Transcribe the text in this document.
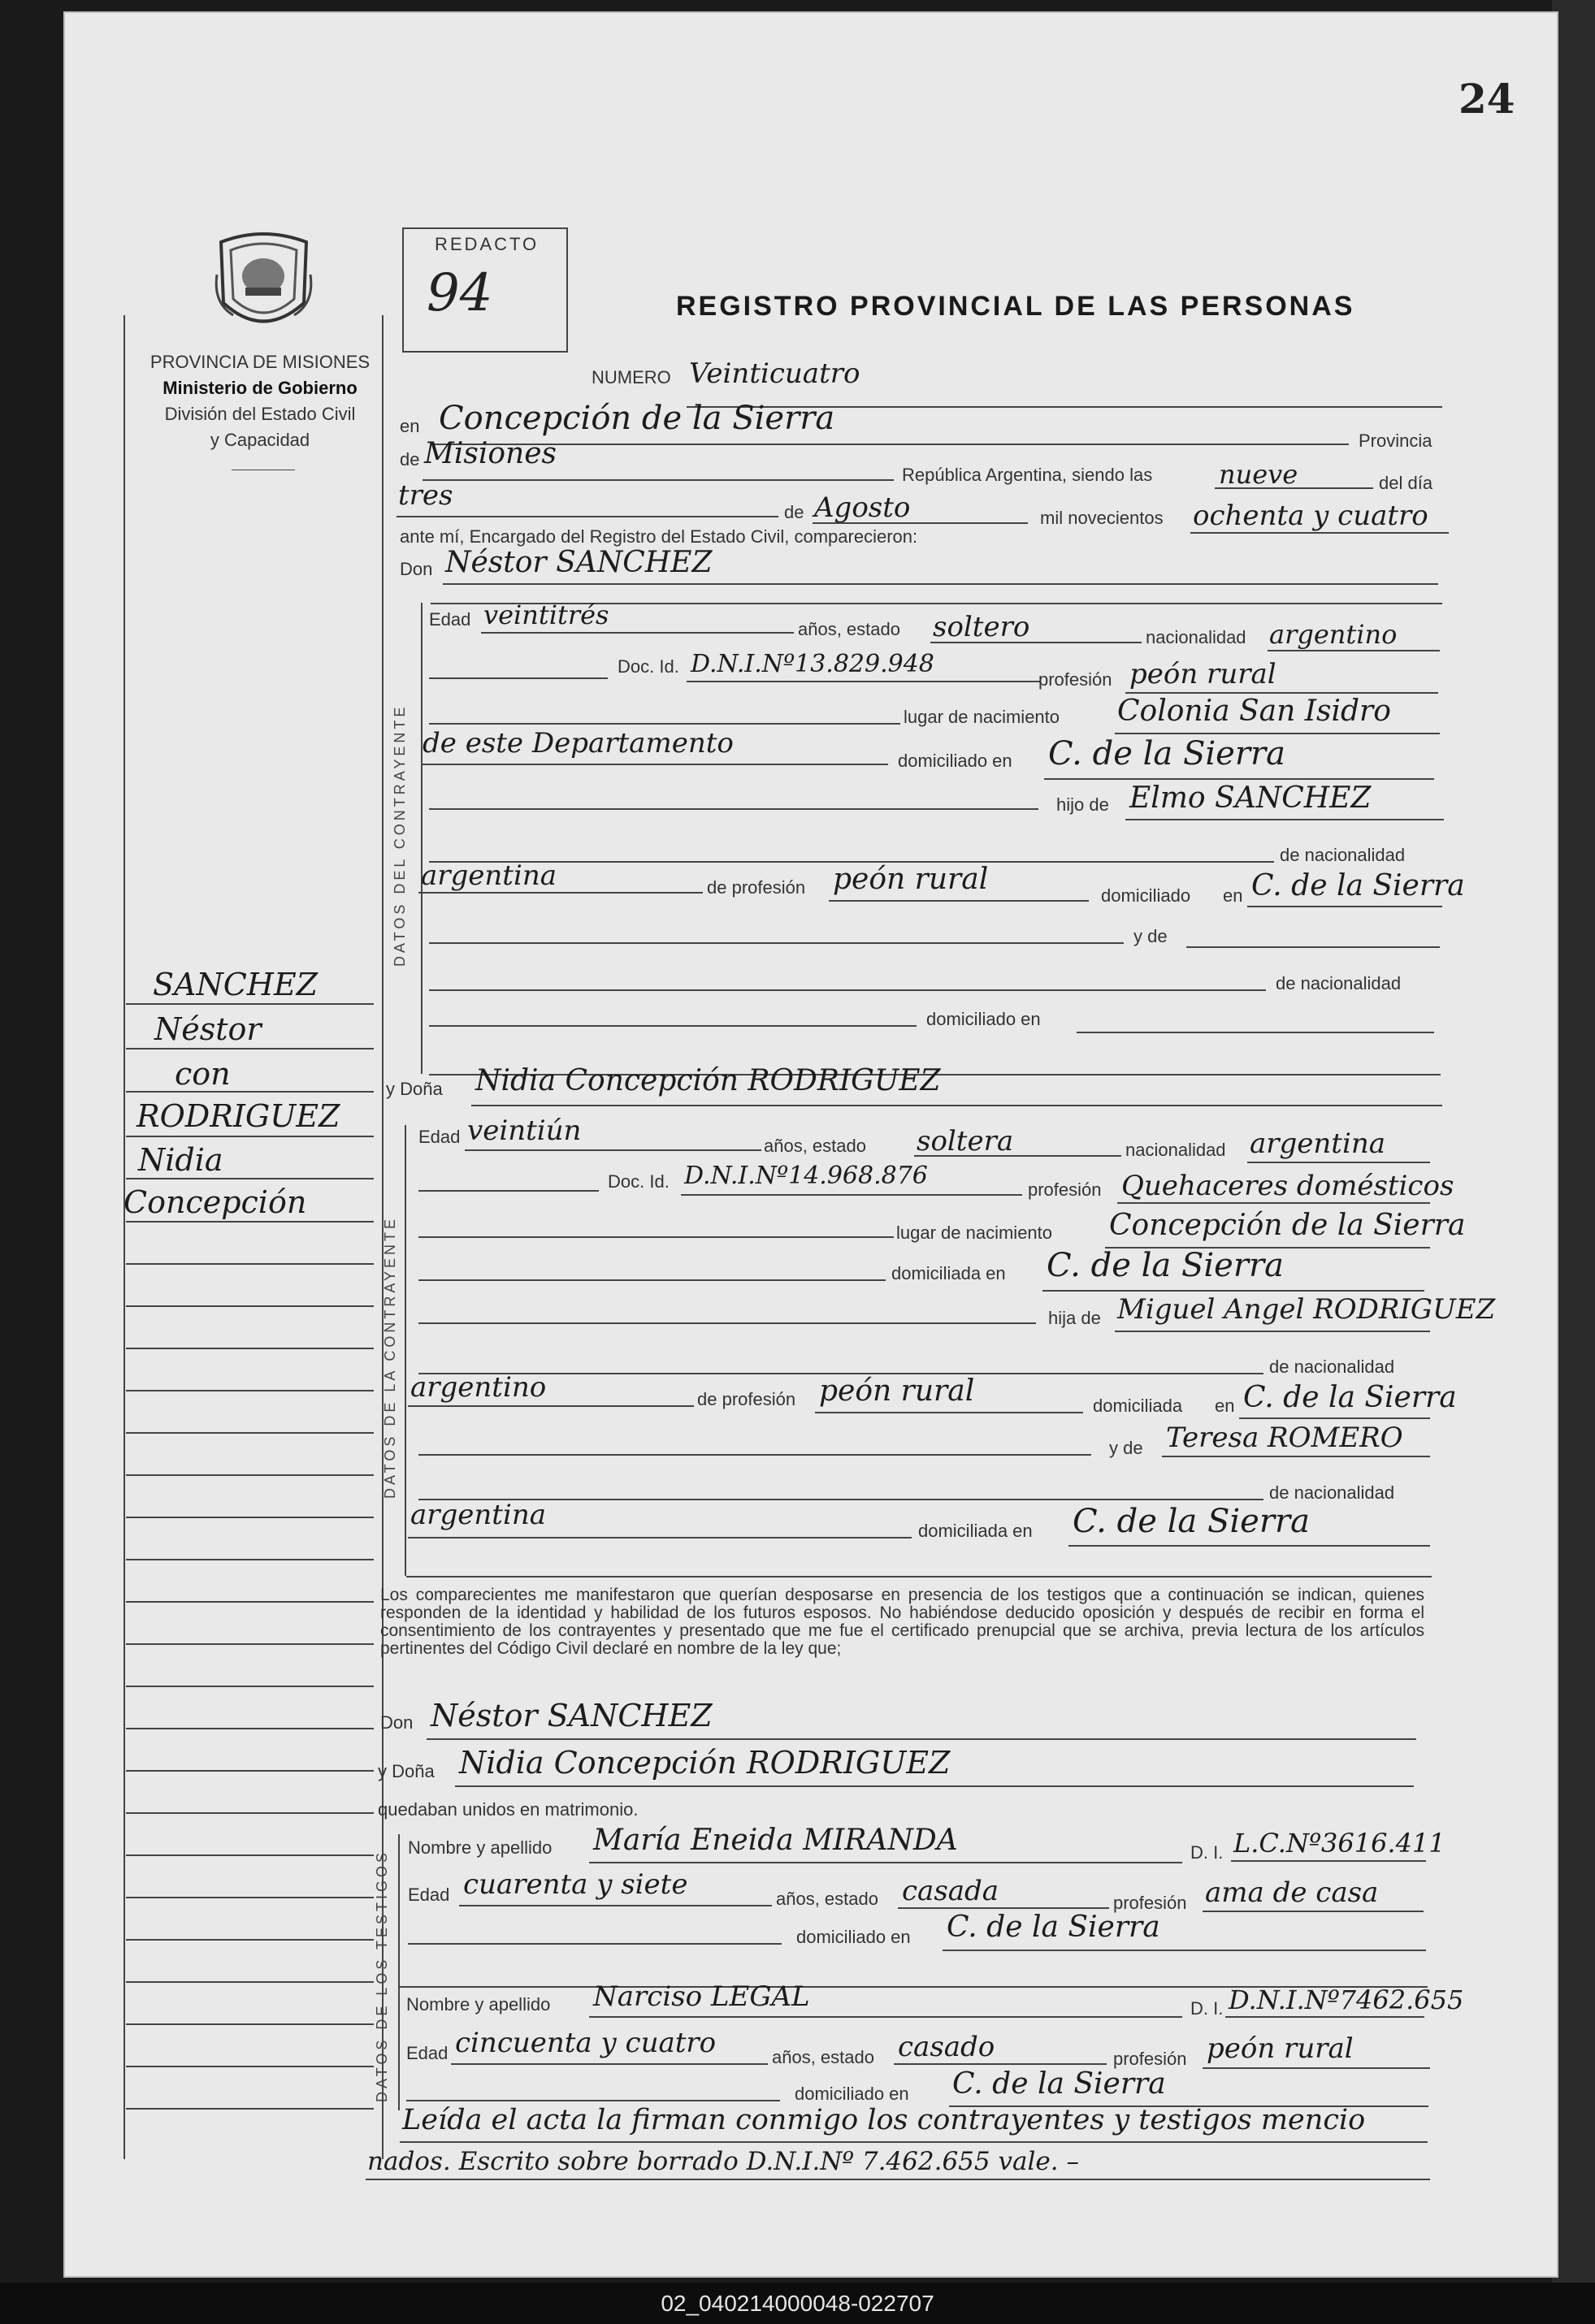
24
REDACTO
94	REGISTRO PROVINCIAL DE LAS PERSONAS
PROVINCIA DE MISIONES
Ministerio de Gobierno
División del Estado Civil
y Capacidad
SANCHEZ
Néstor
con
RODRIGUEZ
Nidia
Concepción
NUMERO Veinticuatro
en Concepción de la Sierra
Provincia
de Misiones
República Argentina, siendo las	nueve	del día
tres
de Agosto	mil novecientos ochenta y cuatro
ante mí, Encargado del Registro del Estado Civil, comparecieron:
Don Néstor SANCHEZ
DATOS DEL CONTRAYENTE
Edad veintitrés	años, estado soltero	nacionalidad argentino
Doc. Id. D.N.I.Nº13.829.948
profesión peón rural
lugar de nacimiento Colonia San Isidro
de este Departamento
domiciliado en C. de la Sierra
hijo de Elmo SANCHEZ
de nacionalidad
argentina	de profesión peón rural	domiciliado en C. de la Sierra
y de
de nacionalidad
domiciliado en
y Doña Nidia Concepción RODRIGUEZ
DATOS DE LA CONTRAYENTE
Edad veintiún	años, estado soltera	nacionalidad argentina
Doc. Id. D.N.I.Nº14.968.876	profesión Quehaceres domésticos
lugar de nacimiento Concepción de la Sierra
domiciliada en C. de la Sierra
hija de Miguel Angel RODRIGUEZ
de nacionalidad
argentino	de profesión peón rural	domiciliada en C. de la Sierra
y de Teresa ROMERO
de nacionalidad
argentina	domiciliada en C. de la Sierra
Los comparecientes me manifestaron que querían desposarse en presencia de los testigos que a continuación se indican, quienes responden de la identidad y habilidad de los futuros esposos. No habiéndose deducido oposición y después de recibir en forma el consentimiento de los contrayentes y presentado que me fue el certificado prenupcial que se archiva, previa lectura de los artículos pertinentes del Código Civil declaré en nombre de la ley que;
Don Néstor SANCHEZ
y Doña Nidia Concepción RODRIGUEZ
quedaban unidos en matrimonio.
DATOS DE LOS TESTIGOS
Nombre y apellido María Eneida MIRANDA	D. I. L.C.Nº3616.411
Edad cuarenta y siete	años, estado casada	profesión ama de casa
domiciliado en C. de la Sierra
Nombre y apellido Narciso LEGAL	D. I. D.N.I.Nº7462.655
Edad cincuenta y cuatro	años, estado casado	profesión peón rural
domiciliado en C. de la Sierra
Leída el acta la firman conmigo los contrayentes y testigos mencio
nados. Escrito sobre borrado D.N.I.Nº 7.462.655 vale. –
02_040214000048-022707
